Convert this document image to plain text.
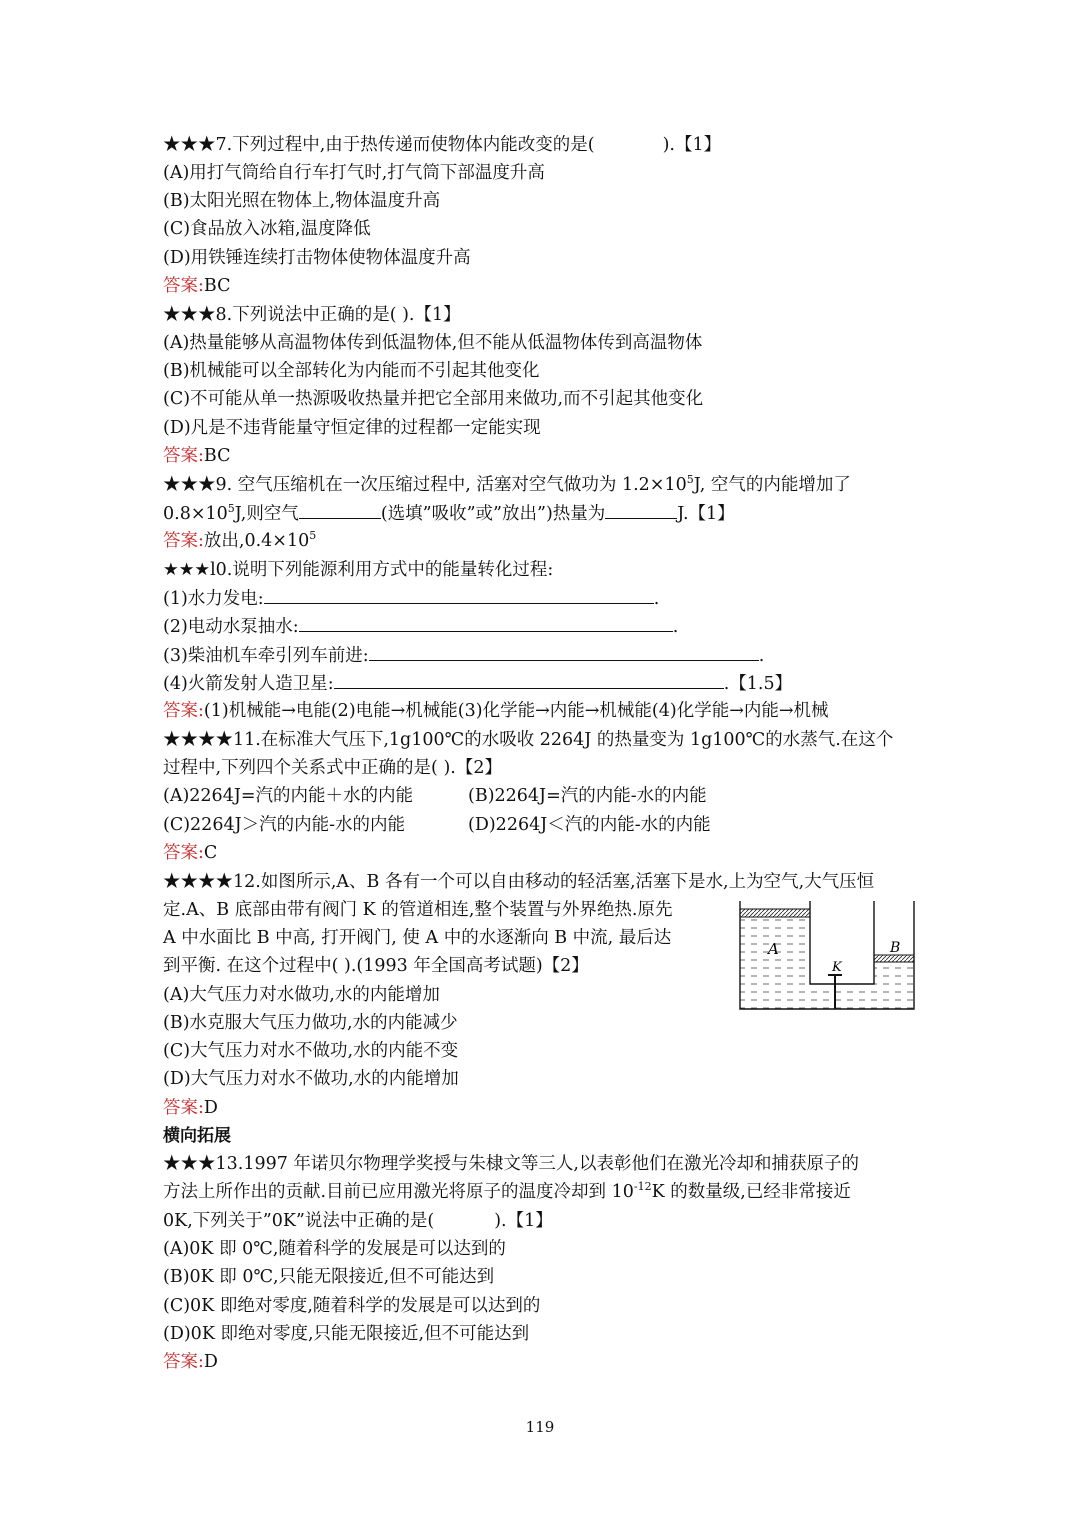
★★★7.下列过程中,由于热传递而使物体内能改变的是(	).【1】
(A)用打气筒给自行车打气时,打气筒下部温度升高
(B)太阳光照在物体上,物体温度升高
(C)食品放入冰箱,温度降低
(D)用铁锤连续打击物体使物体温度升高
答案:BC
★★★8.下列说法中正确的是( ).【1】
(A)热量能够从高温物体传到低温物体,但不能从低温物体传到高温物体
(B)机械能可以全部转化为内能而不引起其他变化
(C)不可能从单一热源吸收热量并把它全部用来做功,而不引起其他变化
(D)凡是不违背能量守恒定律的过程都一定能实现
答案:BC
★★★9. 空气压缩机在一次压缩过程中, 活塞对空气做功为 $1.2\times 10^5J$, 空气的内能增加了
$0.8\times 10^5J$,则空气	(选填”吸收”或”放出”)热量为	J.【1】
答案:放出$,0.4\times 10^5$
★★★l0.说明下列能源利用方式中的能量转化过程:
(1)水力发电:	.
(2)电动水泵抽水:	.
(3)柴油机车牵引列车前进:	.
(4)火箭发射人造卫星:	.【1.5】
答案:(1)机械能→电能(2)电能→机械能(3)化学能→内能→机械能(4)化学能→内能→机械
★★★★11.在标准大气压下,1g100℃的水吸收 2264J 的热量变为 1g100℃的水蒸气.在这个
过程中,下列四个关系式中正确的是( ).【2】
(A)2264J=汽的内能＋水的内能	(B)2264J=汽的内能-水的内能
(C)2264J＞汽的内能-水的内能	(D)2264J＜汽的内能-水的内能
答案:C
★★★★12.如图所示,A、B 各有一个可以自由移动的轻活塞,活塞下是水,上为空气,大气压恒
定.A、B 底部由带有阀门 K 的管道相连,整个装置与外界绝热.原先
A 中水面比 B 中高, 打开阀门, 使 A 中的水逐渐向 B 中流, 最后达
到平衡. 在这个过程中( ).(1993 年全国高考试题)【2】
(A)大气压力对水做功,水的内能增加
(B)水克服大气压力做功,水的内能减少
(C)大气压力对水不做功,水的内能不变
(D)大气压力对水不做功,水的内能增加
答案:D
A	B
K
横向拓展
★★★13.1997 年诺贝尔物理学奖授与朱棣文等三人,以表彰他们在激光冷却和捕获原子的
方法上所作出的贡献.目前已应用激光将原子的温度冷却到 $10^{-12}K$ 的数量级,已经非常接近
0K,下列关于”0K”说法中正确的是(	).【1】
(A)0K 即 0℃,随着科学的发展是可以达到的
(B)0K 即 0℃,只能无限接近,但不可能达到
(C)0K 即绝对零度,随着科学的发展是可以达到的
(D)0K 即绝对零度,只能无限接近,但不可能达到
答案:D
119
